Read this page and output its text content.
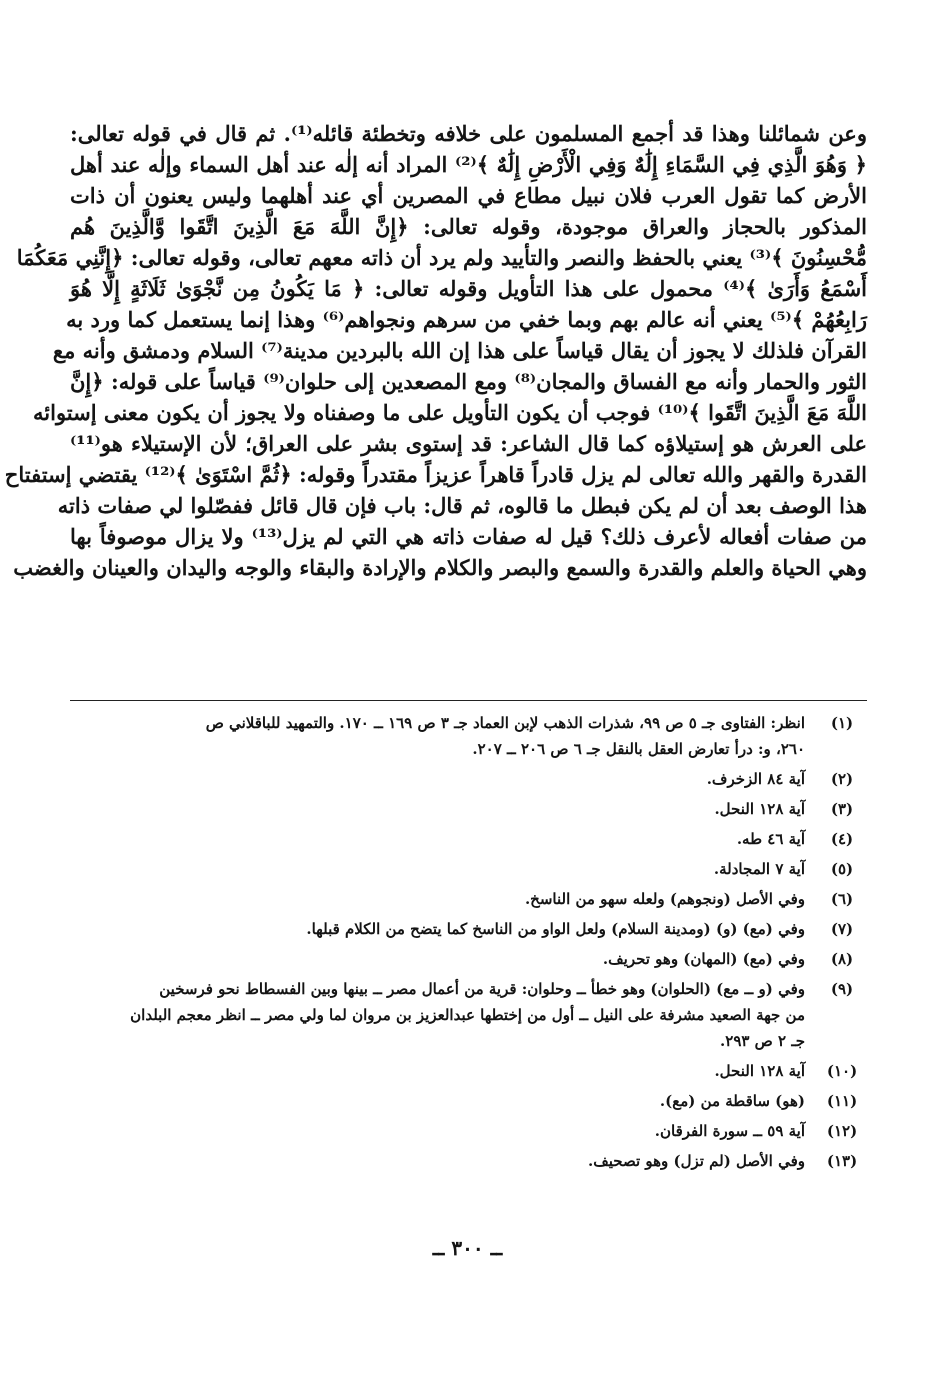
وعن شمائلنا وهذا قد أجمع المسلمون على خلافه وتخطئة قائله⁽¹⁾. ثم قال في قوله تعالى:
﴿ وَهُوَ الَّذِي فِي السَّمَاءِ إِلَٰهٌ وَفِي الْأَرْضِ إِلَٰهٌ ﴾⁽²⁾ المراد أنه إلٰه عند أهل السماء وإلٰه عند أهل
الأرض كما تقول العرب فلان نبيل مطاع في المصرين أي عند أهلهما وليس يعنون أن ذات
المذكور بالحجاز والعراق موجودة، وقوله تعالى: ﴿إِنَّ اللَّهَ مَعَ الَّذِينَ اتَّقَوا وَّالَّذِينَ هُم
مُّحْسِنُونَ ﴾⁽³⁾ يعني بالحفظ والنصر والتأييد ولم يرد أن ذاته معهم تعالى، وقوله تعالى: ﴿إِنَّنِي مَعَكُمَا
أَسْمَعُ وَأَرَىٰ ﴾⁽⁴⁾ محمول على هذا التأويل وقوله تعالى: ﴿ مَا يَكُونُ مِن نَّجْوَىٰ ثَلَاثَةٍ إِلَّا هُوَ
رَابِعُهُمْ ﴾⁽⁵⁾ يعني أنه عالم بهم وبما خفي من سرهم ونجواهم⁽⁶⁾ وهذا إنما يستعمل كما ورد به
القرآن فلذلك لا يجوز أن يقال قياساً على هذا إن الله بالبردين مدينة⁽⁷⁾ السلام ودمشق وأنه مع
الثور والحمار وأنه مع الفساق والمجان⁽⁸⁾ ومع المصعدين إلى حلوان⁽⁹⁾ قياساً على قوله: ﴿إِنَّ
اللَّهَ مَعَ الَّذِينَ اتَّقَوا ﴾⁽¹⁰⁾ فوجب أن يكون التأويل على ما وصفناه ولا يجوز أن يكون معنى إستوائه
على العرش هو إستيلاؤه كما قال الشاعر: قد إستوى بشر على العراق؛ لأن الإستيلاء هو⁽¹¹⁾
القدرة والقهر والله تعالى لم يزل قادراً قاهراً عزيزاً مقتدراً وقوله: ﴿ثُمَّ اسْتَوَىٰ ﴾⁽¹²⁾ يقتضي إستفتاح
هذا الوصف بعد أن لم يكن فبطل ما قالوه، ثم قال: باب فإن قال قائل ففصّلوا لي صفات ذاته
من صفات أفعاله لأعرف ذلك؟ قيل له صفات ذاته هي التي لم يزل⁽¹³⁾ ولا يزال موصوفاً بها
وهي الحياة والعلم والقدرة والسمع والبصر والكلام والإرادة والبقاء والوجه واليدان والعينان والغضب
(١)
انظر: الفتاوى جـ ٥ ص ٩٩، شذرات الذهب لإبن العماد جـ ٣ ص ١٦٩ ــ ١٧٠. والتمهيد للباقلاني ص
٢٦٠، و: درأ تعارض العقل بالنقل جـ ٦ ص ٢٠٦ ــ ٢٠٧.
(٢)
آية ٨٤ الزخرف.
(٣)
آية ١٢٨ النحل.
(٤)
آية ٤٦ طه.
(٥)
آية ٧ المجادلة.
(٦)
وفي الأصل (ونجوهم) ولعله سهو من الناسخ.
(٧)
وفي (مع) (و) (ومدينة السلام) ولعل الواو من الناسخ كما يتضح من الكلام قبلها.
(٨)
وفي (مع) (المهان) وهو تحريف.
(٩)
وفي (و ــ مع) (الحلوان) وهو خطأ ــ وحلوان: قرية من أعمال مصر ــ بينها وبين الفسطاط نحو فرسخين
من جهة الصعيد مشرفة على النيل ــ أول من إختطها عبدالعزيز بن مروان لما ولي مصر ــ انظر معجم البلدان
جـ ٢ ص ٢٩٣.
(١٠)
آية ١٢٨ النحل.
(١١)
(هو) ساقطة من (مع).
(١٢)
آية ٥٩ ــ سورة الفرقان.
(١٣)
وفي الأصل (لم تزل) وهو تصحيف.
ــ ٣٠٠ ــ
